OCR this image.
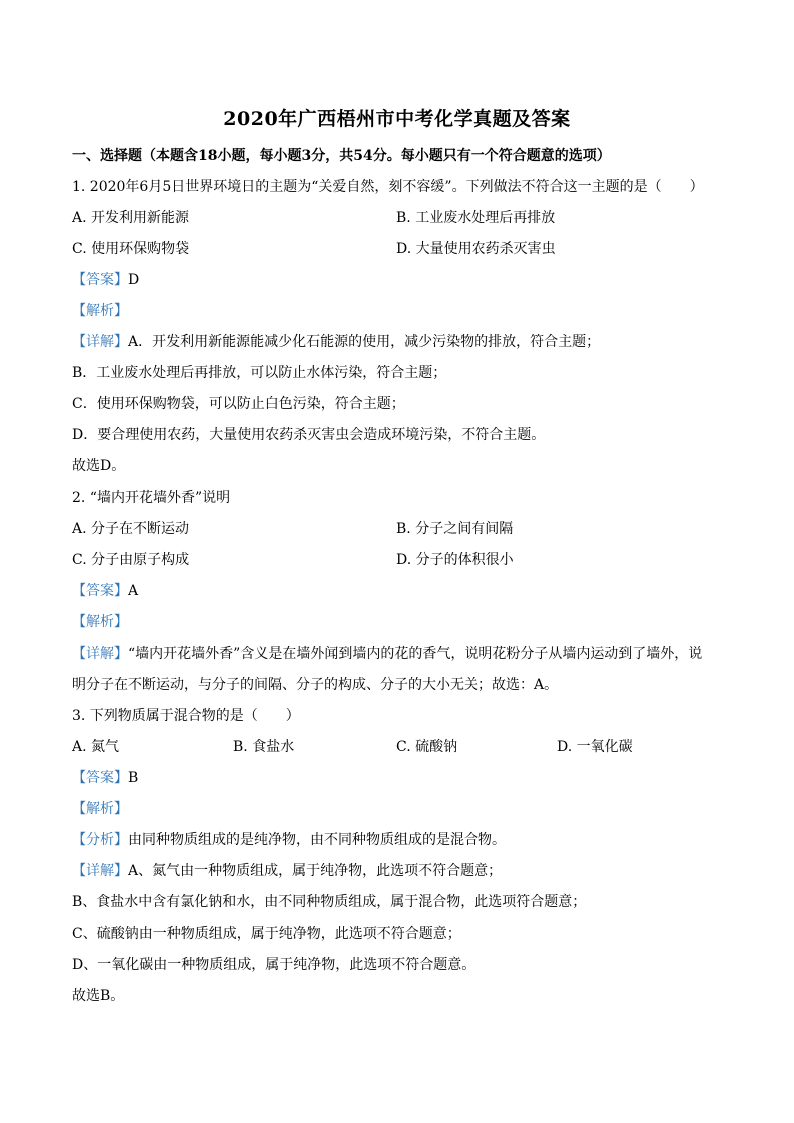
2020年广西梧州市中考化学真题及答案
一、选择题（本题含18小题，每小题3分，共54分。每小题只有一个符合题意的选项）
1. 2020年6月5日世界环境日的主题为“关爱自然，刻不容缓”。下列做法不符合这一主题的是（　　）
A. 开发利用新能源	B. 工业废水处理后再排放
C. 使用环保购物袋	D. 大量使用农药杀灭害虫
【答案】D
【解析】
【详解】A．开发利用新能源能减少化石能源的使用，减少污染物的排放，符合主题；
B．工业废水处理后再排放，可以防止水体污染，符合主题；
C．使用环保购物袋，可以防止白色污染，符合主题；
D．要合理使用农药，大量使用农药杀灭害虫会造成环境污染，不符合主题。
故选D。
2. “墙内开花墙外香”说明
A. 分子在不断运动	B. 分子之间有间隔
C. 分子由原子构成	D. 分子的体积很小
【答案】A
【解析】
【详解】“墙内开花墙外香”含义是在墙外闻到墙内的花的香气，说明花粉分子从墙内运动到了墙外，说
明分子在不断运动，与分子的间隔、分子的构成、分子的大小无关；故选：A。
3. 下列物质属于混合物的是（　　）
A. 氮气	B. 食盐水	C. 硫酸钠	D. 一氧化碳
【答案】B
【解析】
【分析】由同种物质组成的是纯净物，由不同种物质组成的是混合物。
【详解】A、氮气由一种物质组成，属于纯净物，此选项不符合题意；
B、食盐水中含有氯化钠和水，由不同种物质组成，属于混合物，此选项符合题意；
C、硫酸钠由一种物质组成，属于纯净物，此选项不符合题意；
D、一氧化碳由一种物质组成，属于纯净物，此选项不符合题意。
故选B。
